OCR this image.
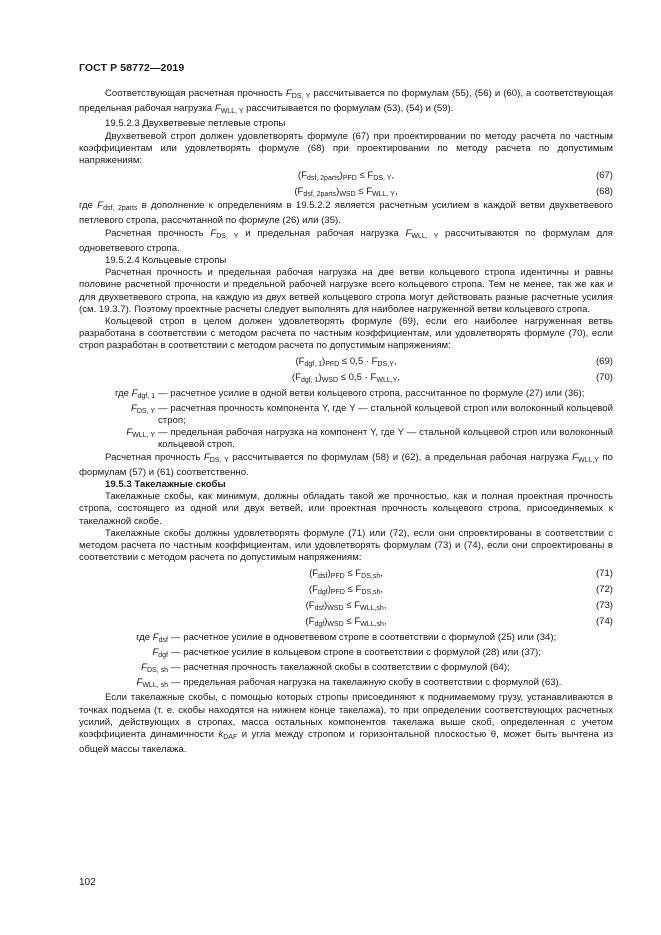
ГОСТ Р 58772—2019

Соответствующая расчетная прочность $F_{DS, Y}$ рассчитывается по формулам (55), (56) и (60), а соответствующая предельная рабочая нагрузка $F_{WLL, Y}$ рассчитывается по формулам (53), (54) и (59).

19.5.2.3 Двухветвевые петлевые стропы

Двухветвевой строп должен удовлетворять формуле (67) при проектировании по методу расчета по частным коэффициентам или удовлетворять формуле (68) при проектировании по методу расчета по допустимым напряжениям:

$(F_{dsf, 2parts})_{PFD} \le F_{DS, Y}$,	(67)
$(F_{dsf, 2parts})_{WSD} \le F_{WLL, Y}$,	(68)

где $F_{dsf, 2parts}$ в дополнение к определениям в 19.5.2.2 является расчетным усилием в каждой ветви двухветвевого петлевого стропа, рассчитанной по формуле (26) или (35).

Расчетная прочность $F_{DS, Y}$ и предельная рабочая нагрузка $F_{WLL, Y}$ рассчитываются по формулам для одноветвевого стропа.

19.5.2.4 Кольцевые стропы

Расчетная прочность и предельная рабочая нагрузка на две ветви кольцевого стропа идентичны и равны половине расчетной прочности и предельной рабочей нагрузке всего кольцевого стропа. Тем не менее, так же как и для двухветвевого стропа, на каждую из двух ветвей кольцевого стропа могут действовать разные расчетные усилия (см. 19.3.7). Поэтому проектные расчеты следует выполнять для наиболее нагруженной ветви кольцевого стропа.

Кольцевой строп в целом должен удовлетворять формуле (69), если его наиболее нагруженная ветвь разработана в соответствии с методом расчета по частным коэффициентам, или удовлетворять формуле (70), если строп разработан в соответствии с методом расчета по допустимым напряжениям:

$(F_{dgf, 1})_{PFD} \le 0,5 \cdot F_{DS,Y}$,	(69)
$(F_{dgf, 1})_{WSD} \le 0,5 \cdot F_{WLL,Y}$,	(70)
где $F_{dgf, 1}$ — расчетное усилие в одной ветви кольцевого стропа, рассчитанное по формуле (27) или (36);
$F_{DS, Y}$ — расчетная прочность компонента Y, где Y — стальной кольцевой строп или волоконный кольцевой строп;
$F_{WLL, Y}$ — предельная рабочая нагрузка на компонент Y, где Y — стальной кольцевой строп или волоконный кольцевой строп.

Расчетная прочность $F_{DS, Y}$ рассчитывается по формулам (58) и (62), а предельная рабочая нагрузка $F_{WLL,Y}$ по формулам (57) и (61) соответственно.

19.5.3 Такелажные скобы

Такелажные скобы, как минимум, должны обладать такой же прочностью, как и полная проектная прочность стропа, состоящего из одной или двух ветвей, или проектная прочность кольцевого стропа, присоединяемых к такелажной скобе.

Такелажные скобы должны удовлетворять формуле (71) или (72), если они спроектированы в соответствии с методом расчета по частным коэффициентам, или удовлетворять формулам (73) и (74), если они спроектированы в соответствии с методом расчета по допустимым напряжениям:

$(F_{dsf})_{PFD} \le F_{DS,sh}$,	(71)
$(F_{dgf})_{PFD} \le F_{DS,sh}$,	(72)
$(F_{dsf})_{WSD} \le F_{WLL,sh}$,	(73)
$(F_{dgf})_{WSD} \le F_{WLL,sh}$,	(74)
где $F_{dsf}$ — расчетное усилие в одноветвевом стропе в соответствии с формулой (25) или (34);
$F_{dgf}$ — расчетное усилие в кольцевом стропе в соответствии с формулой (28) или (37);
$F_{DS, sh}$ — расчетная прочность такелажной скобы в соответствии с формулой (64);
$F_{WLL, sh}$ — предельная рабочая нагрузка на такелажную скобу в соответствии с формулой (63).

Если такелажные скобы, с помощью которых стропы присоединяют к поднимаемому грузу, устанавливаются в точках подъема (т. е. скобы находятся на нижнем конце такелажа), то при определении соответствующих расчетных усилий, действующих в стропах, масса остальных компонентов такелажа выше скоб, определенная с учетом коэффициента динамичности $k_{DAF}$ и угла между стропом и горизонтальной плоскостью θ, может быть вычтена из общей массы такелажа.

102
